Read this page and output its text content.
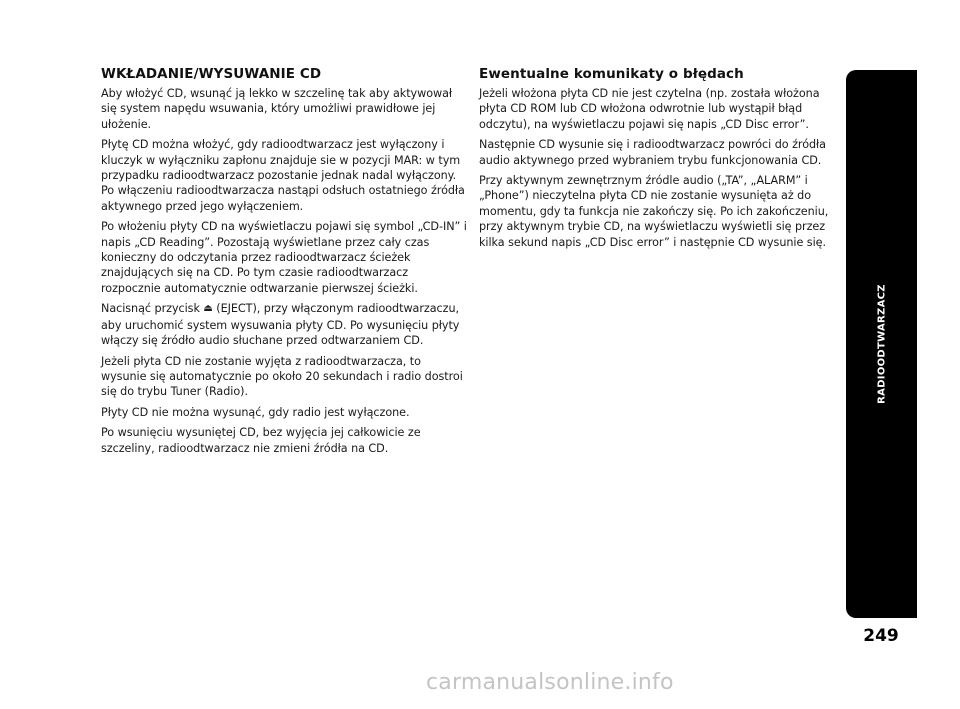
WKŁADANIE/WYSUWANIE CD

Aby włożyć CD, wsunąć ją lekko w szczelinę tak aby aktywował się system napędu wsuwania, który umożliwi prawidłowe jej ułożenie.

Płytę CD można włożyć, gdy radioodtwarzacz jest wyłączony i kluczyk w wyłączniku zapłonu znajduje sie w pozycji MAR: w tym przypadku radioodtwarzacz pozostanie jednak nadal wyłączony. Po włączeniu radioodtwarzacza nastąpi odsłuch ostatniego źródła aktywnego przed jego wyłączeniem.

Po włożeniu płyty CD na wyświetlaczu pojawi się symbol „CD-IN” i napis „CD Reading”. Pozostają wyświetlane przez cały czas konieczny do odczytania przez radioodtwarzacz ścieżek znajdujących się na CD. Po tym czasie radioodtwarzacz rozpocznie automatycznie odtwarzanie pierwszej ścieżki.

Nacisnąć przycisk ⏏ (EJECT), przy włączonym radioodtwarzaczu, aby uruchomić system wysuwania płyty CD. Po wysunięciu płyty włączy się źródło audio słuchane przed odtwarzaniem CD.

Jeżeli płyta CD nie zostanie wyjęta z radioodtwarzacza, to wysunie się automatycznie po około 20 sekundach i radio dostroi się do trybu Tuner (Radio).

Płyty CD nie można wysunąć, gdy radio jest wyłączone.

Po wsunięciu wysuniętej CD, bez wyjęcia jej całkowicie ze szczeliny, radioodtwarzacz nie zmieni źródła na CD.

Ewentualne komunikaty o błędach

Jeżeli włożona płyta CD nie jest czytelna (np. została włożona płyta CD ROM lub CD włożona odwrotnie lub wystąpił błąd odczytu), na wyświetlaczu pojawi się napis „CD Disc error”.

Następnie CD wysunie się i radioodtwarzacz powróci do źródła audio aktywnego przed wybraniem trybu funkcjonowania CD.

Przy aktywnym zewnętrznym źródle audio („TA”, „ALARM” i „Phone”) nieczytelna płyta CD nie zostanie wysunięta aż do momentu, gdy ta funkcja nie zakończy się. Po ich zakończeniu, przy aktywnym trybie CD, na wyświetlaczu wyświetli się przez kilka sekund napis „CD Disc error” i następnie CD wysunie się.

RADIOODTWARZACZ
249
carmanualsonline.info
